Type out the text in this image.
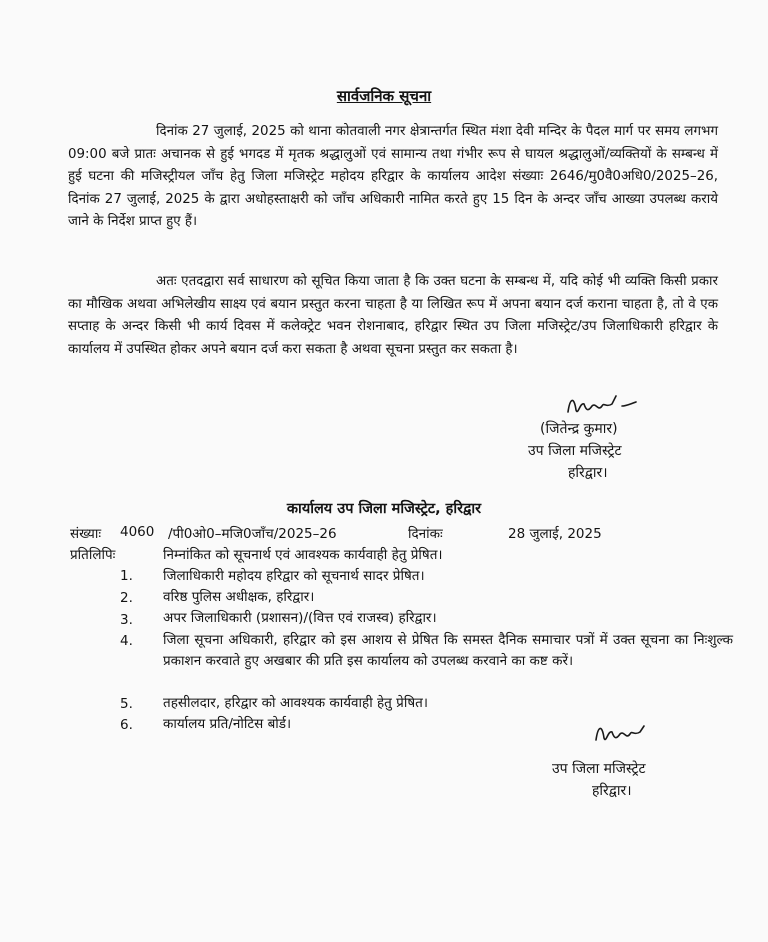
सार्वजनिक सूचना
दिनांक 27 जुलाई, 2025 को थाना कोतवाली नगर क्षेत्रान्तर्गत स्थित मंशा देवी मन्दिर के पैदल मार्ग पर समय लगभग 09:00 बजे प्रातः अचानक से हुई भगदड में मृतक श्रद्धालुओं एवं सामान्य तथा गंभीर रूप से घायल श्रद्धालुओं/व्यक्तियों के सम्बन्ध में हुई घटना की मजिस्ट्रीयल जाँच हेतु जिला मजिस्ट्रेट महोदय हरिद्वार के कार्यालय आदेश संख्याः 2646/मु0वै0अधि0/2025–26, दिनांक 27 जुलाई, 2025 के द्वारा अधोहस्ताक्षरी को जाँच अधिकारी नामित करते हुए 15 दिन के अन्दर जाँच आख्या उपलब्ध कराये जाने के निर्देश प्राप्त हुए हैं।
अतः एतदद्वारा सर्व साधारण को सूचित किया जाता है कि उक्त घटना के सम्बन्ध में, यदि कोई भी व्यक्ति किसी प्रकार का मौखिक अथवा अभिलेखीय साक्ष्य एवं बयान प्रस्तुत करना चाहता है या लिखित रूप में अपना बयान दर्ज कराना चाहता है, तो वे एक सप्ताह के अन्दर किसी भी कार्य दिवस में कलेक्ट्रेट भवन रोशनाबाद, हरिद्वार स्थित उप जिला मजिस्ट्रेट/उप जिलाधिकारी हरिद्वार के कार्यालय में उपस्थित होकर अपने बयान दर्ज करा सकता है अथवा सूचना प्रस्तुत कर सकता है।
(जितेन्द्र कुमार)
उप जिला मजिस्ट्रेट
हरिद्वार।
कार्यालय उप जिला मजिस्ट्रेट, हरिद्वार
संख्याः 4060 /पी0ओ0–मजि0जाँच/2025–26	दिनांकः	28 जुलाई, 2025
प्रतिलिपिः	निम्नांकित को सूचनार्थ एवं आवश्यक कार्यवाही हेतु प्रेषित।
1.	जिलाधिकारी महोदय हरिद्वार को सूचनार्थ सादर प्रेषित।
2.	वरिष्ठ पुलिस अधीक्षक, हरिद्वार।
3.	अपर जिलाधिकारी (प्रशासन)/(वित्त एवं राजस्व) हरिद्वार।
4.	जिला सूचना अधिकारी, हरिद्वार को इस आशय से प्रेषित कि समस्त दैनिक समाचार पत्रों में उक्त सूचना का निःशुल्क प्रकाशन करवाते हुए अखबार की प्रति इस कार्यालय को उपलब्ध करवाने का कष्ट करें।
5.	तहसीलदार, हरिद्वार को आवश्यक कार्यवाही हेतु प्रेषित।
6.	कार्यालय प्रति/नोटिस बोर्ड।
उप जिला मजिस्ट्रेट
हरिद्वार।
